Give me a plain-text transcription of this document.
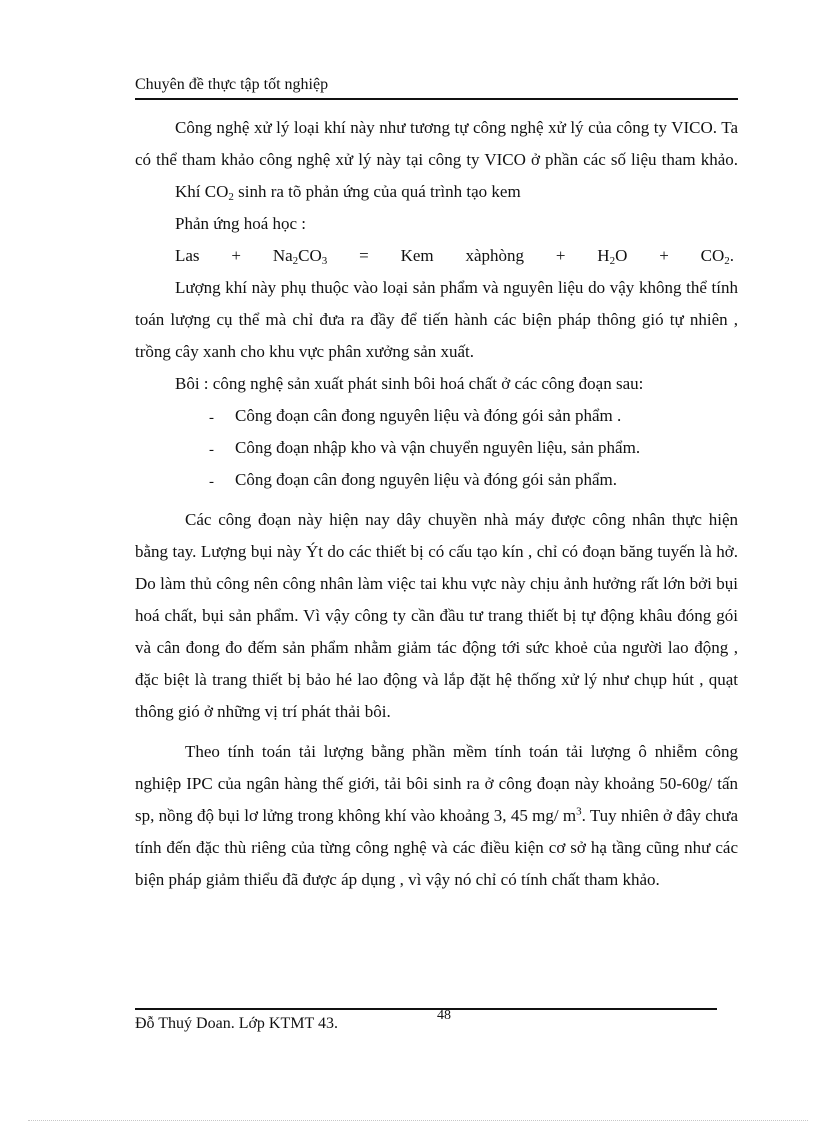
Chuyên đề thực tập tốt nghiệp

Công nghệ xử lý loại khí này như tương tự công nghệ xử lý của công ty VICO. Ta có thể tham khảo công nghệ xử lý này tại công ty VICO ở phần các số liệu tham khảo.

Khí $CO_2$ sinh ra tõ phản ứng của quá trình tạo kem

Phản ứng hoá học :

Las + $Na_2CO_3$ = Kem xàphòng + $H_2O + CO_2$.

Lượng khí này phụ thuộc vào loại sản phẩm và nguyên liệu do vậy không thể tính toán lượng cụ thể mà chỉ đưa ra đầy để tiến hành các biện pháp thông gió tự nhiên , trồng cây xanh cho khu vực phân xưởng sản xuất.

Bôi : công nghệ sản xuất phát sinh bôi hoá chất ở các công đoạn sau:

- Công đoạn cân đong nguyên liệu và đóng gói sản phẩm .
- Công đoạn nhập kho và vận chuyển nguyên liệu, sản phẩm.
- Công đoạn cân đong nguyên liệu và đóng gói sản phẩm.

Các công đoạn này hiện nay dây chuyền nhà máy được công nhân thực hiện bằng tay. Lượng bụi này Ýt do các thiết bị có cấu tạo kín , chỉ có đoạn băng tuyến là hở. Do làm thủ công nên công nhân làm việc tai khu vực này chịu ảnh hưởng rất lớn bởi bụi hoá chất, bụi sản phẩm. Vì vậy công ty cần đầu tư trang thiết bị tự động khâu đóng gói và cân đong đo đếm sản phẩm nhằm giảm tác động tới sức khoẻ của người lao động , đặc biệt là trang thiết bị bảo hé lao động và lắp đặt hệ thống xử lý như chụp hút , quạt thông gió ở những vị trí phát thải bôi.

Theo tính toán tải lượng bằng phần mềm tính toán tải lượng ô nhiễm công nghiệp IPC của ngân hàng thế giới, tải bôi sinh ra ở công đoạn này khoảng 50-60g/ tấn sp, nồng độ bụi lơ lửng trong không khí vào khoảng 3, 45 mg/ $m^3$. Tuy nhiên ở đây chưa tính đến đặc thù riêng của từng công nghệ và các điều kiện cơ sở hạ tầng cũng như các biện pháp giảm thiểu đã được áp dụng , vì vậy nó chỉ có tính chất tham khảo.

Đỗ Thuý Doan. Lớp KTMT 43.	48
